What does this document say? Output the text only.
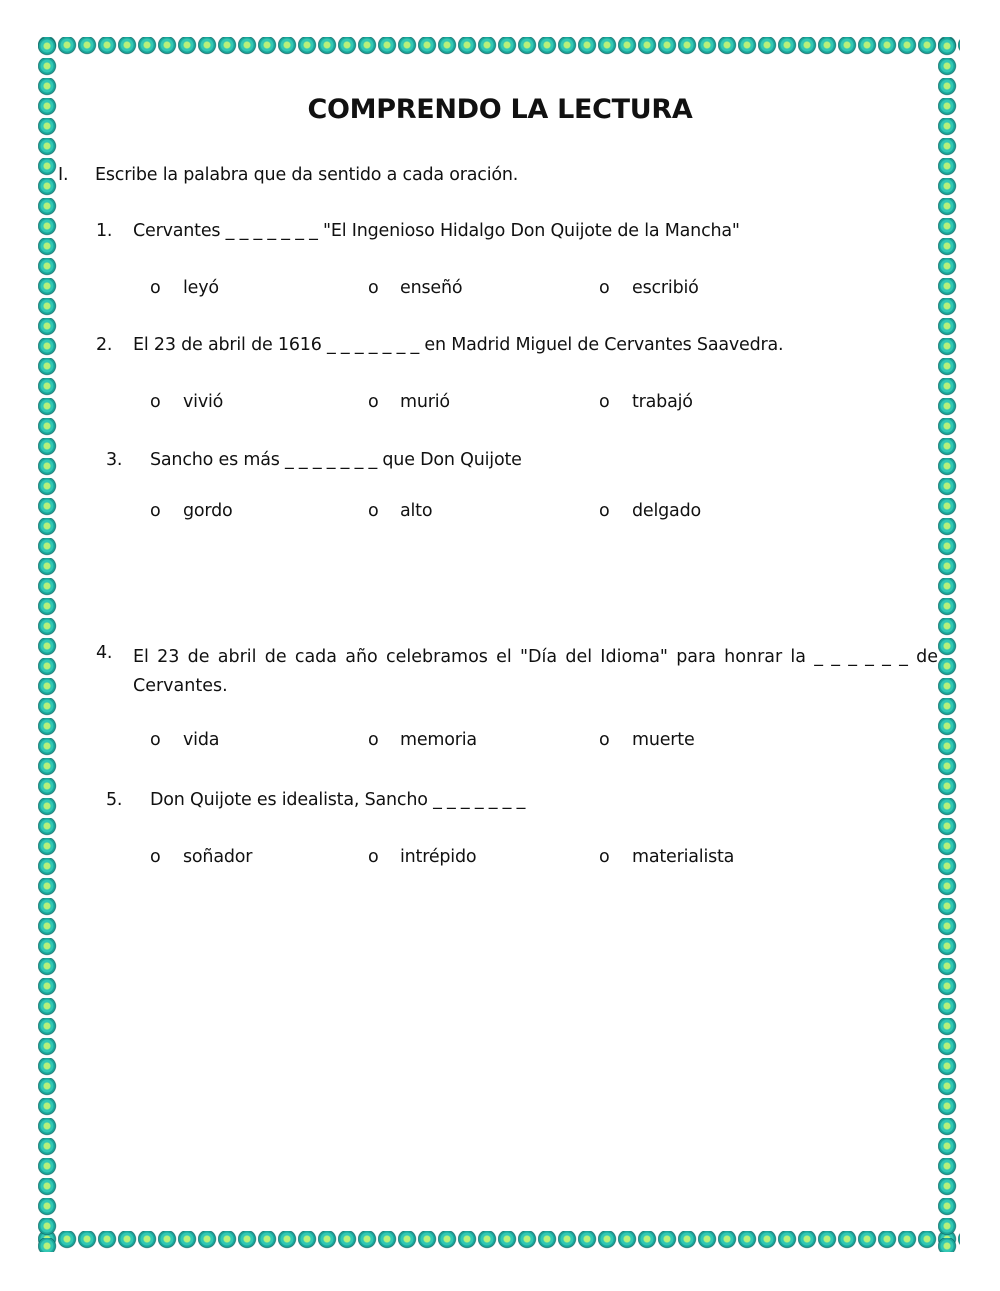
COMPRENDO LA LECTURA
I. Escribe la palabra que da sentido a cada oración.
1. Cervantes _ _ _ _ _ _ _ "El Ingenioso Hidalgo Don Quijote de la Mancha"
o leyó	o enseñó	o escribió
2. El 23 de abril de 1616 _ _ _ _ _ _ _ en Madrid Miguel de Cervantes Saavedra.
o vivió	o murió	o trabajó
3. Sancho es más _ _ _ _ _ _ _ que Don Quijote
o gordo	o alto	o delgado
4. El 23 de abril de cada año celebramos el "Día del Idioma" para honrar la _ _ _ _ _ _ de
Cervantes.
o vida	o memoria	o muerte
5. Don Quijote es idealista, Sancho _ _ _ _ _ _ _
o soñador	o intrépido	o materialista
